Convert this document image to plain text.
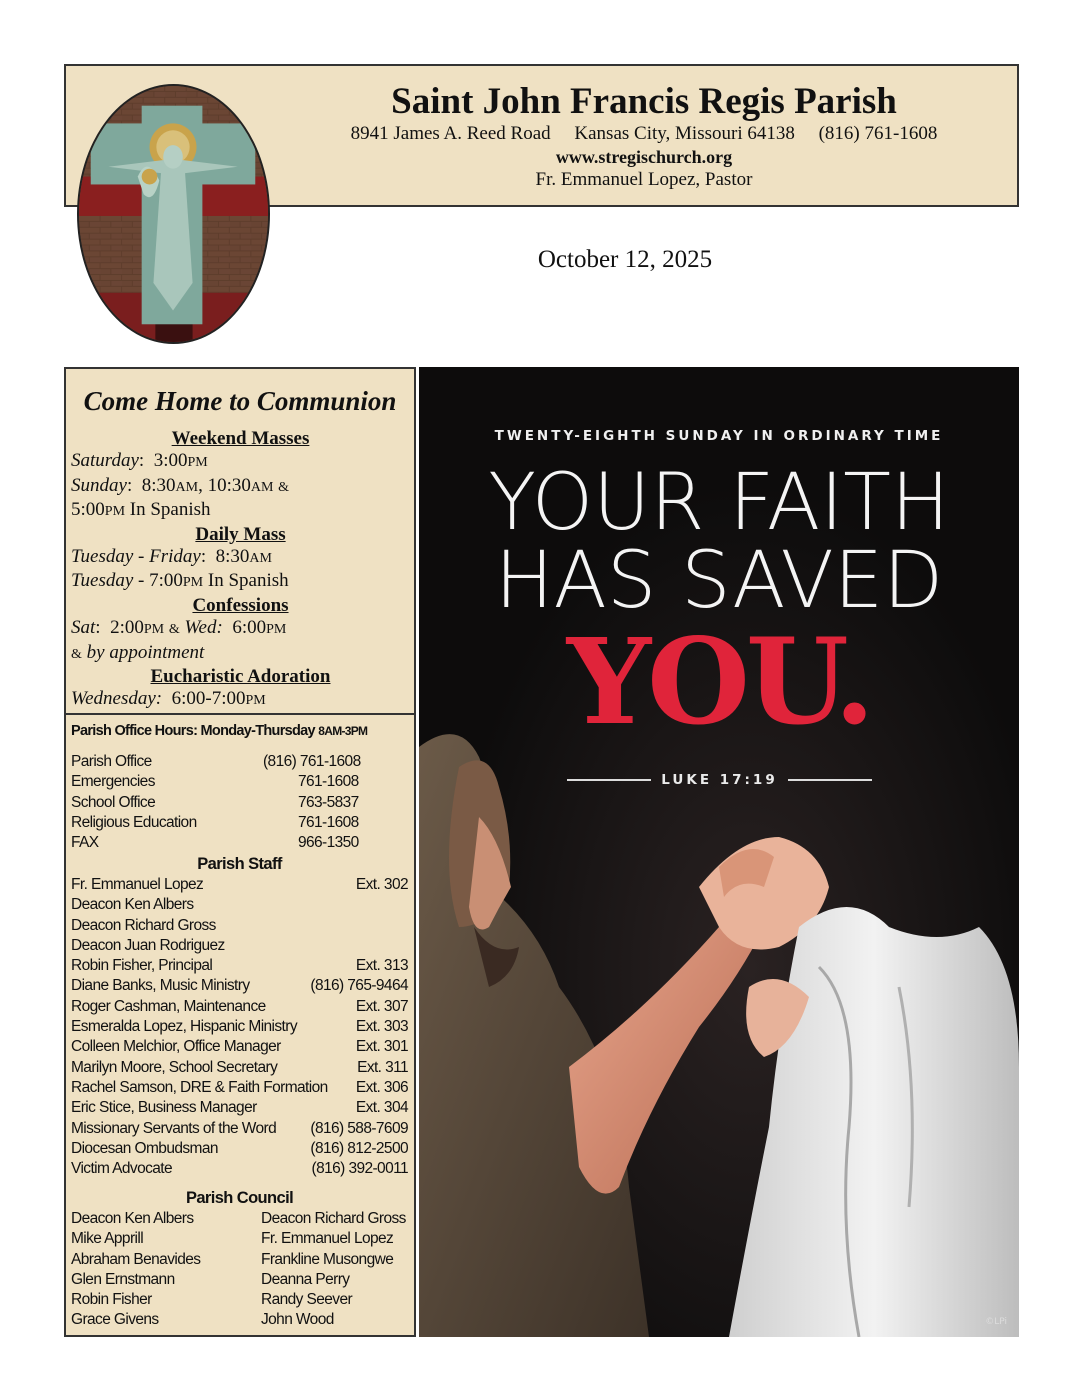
Saint John Francis Regis Parish
8941 James A. Reed Road Kansas City, Missouri 64138 (816) 761-1608
www.stregischurch.org
Fr. Emmanuel Lopez, Pastor
October 12, 2025
Come Home to Communion
Weekend Masses
Saturday:  3:00PM
Sunday:  8:30AM, 10:30AM &
5:00PM In Spanish
Daily Mass
Tuesday - Friday:  8:30AM
Tuesday - 7:00PM In Spanish
Confessions
Sat:  2:00PM & Wed: 6:00PM
& by appointment
Eucharistic Adoration
Wednesday: 6:00-7:00PM
Parish Office Hours: Monday-Thursday 8AM-3PM
Parish Office	(816) 761-1608
Emergencies	761-1608
School Office	763-5837
Religious Education	761-1608
FAX	966-1350
Parish Staff
Fr. Emmanuel Lopez	Ext. 302
Deacon Ken Albers
Deacon Richard Gross
Deacon Juan Rodriguez
Robin Fisher, Principal	Ext. 313
Diane Banks, Music Ministry	(816) 765-9464
Roger Cashman, Maintenance	Ext. 307
Esmeralda Lopez, Hispanic Ministry	Ext. 303
Colleen Melchior, Office Manager	Ext. 301
Marilyn Moore, School Secretary	Ext. 311
Rachel Samson, DRE & Faith Formation Ext. 306
Eric Stice, Business Manager	Ext. 304
Missionary Servants of the Word (816) 588-7609
Diocesan Ombudsman	(816) 812-2500
Victim Advocate	(816) 392-0011
Parish Council
Deacon Ken Albers	Deacon Richard Gross
Mike Apprill	Fr. Emmanuel Lopez
Abraham Benavides	Frankline Musongwe
Glen Ernstmann	Deanna Perry
Robin Fisher	Randy Seever
Grace Givens	John Wood
TWENTY-EIGHTH SUNDAY IN ORDINARY TIME
YOUR FAITH
HAS SAVED
YOU.
LUKE 17:19
©LPi
